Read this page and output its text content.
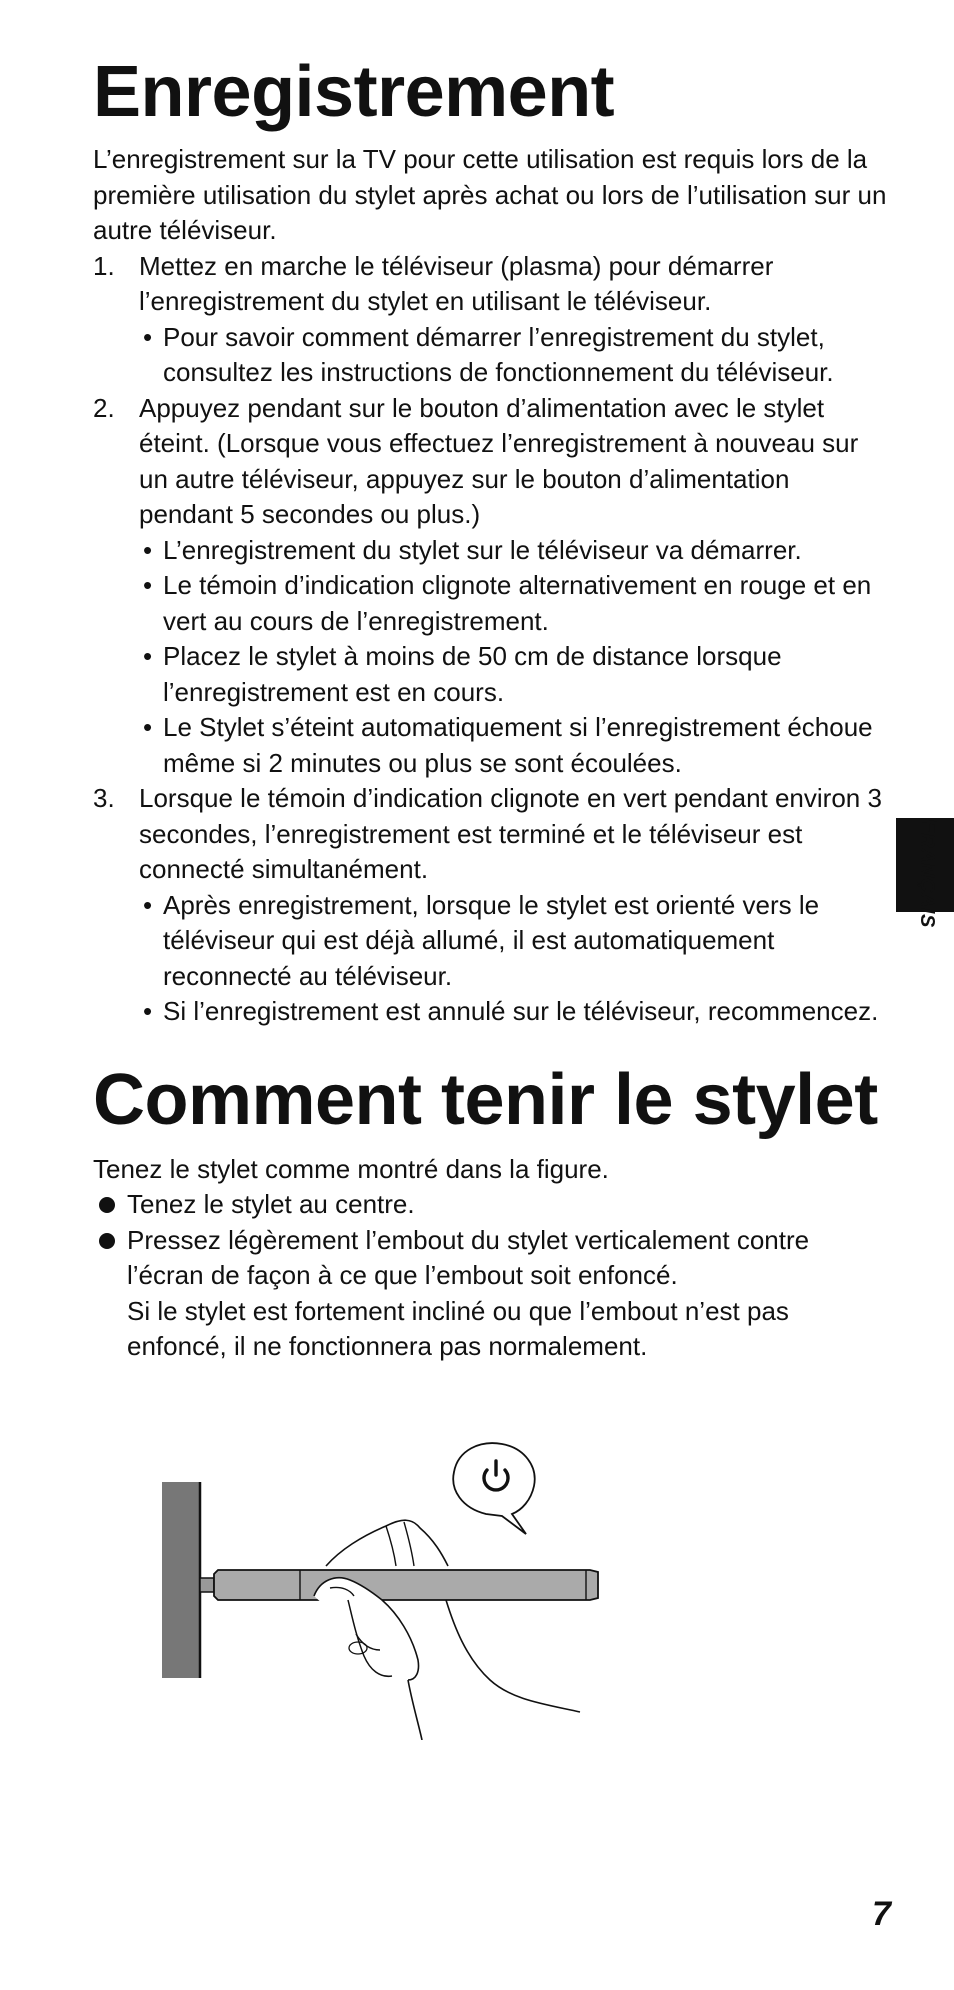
Enregistrement

L’enregistrement sur la TV pour cette utilisation est requis lors de la première utilisation du stylet après achat ou lors de l’utilisation sur un autre téléviseur.

1. Mettez en marche le téléviseur (plasma) pour démarrer l’enregistrement du stylet en utilisant le téléviseur.
• Pour savoir comment démarrer l’enregistrement du stylet, consultez les instructions de fonctionnement du téléviseur.
2. Appuyez pendant sur le bouton d’alimentation avec le stylet éteint. (Lorsque vous effectuez l’enregistrement à nouveau sur un autre téléviseur, appuyez sur le bouton d’alimentation pendant 5 secondes ou plus.)
• L’enregistrement du stylet sur le téléviseur va démarrer.
• Le témoin d’indication clignote alternativement en rouge et en vert au cours de l’enregistrement.
• Placez le stylet à moins de 50 cm de distance lorsque l’enregistrement est en cours.
• Le Stylet s’éteint automatiquement si l’enregistrement échoue même si 2 minutes ou plus se sont écoulées.
3. Lorsque le témoin d’indication clignote en vert pendant environ 3 secondes, l’enregistrement est terminé et le téléviseur est connecté simultanément.
• Après enregistrement, lorsque le stylet est orienté vers le téléviseur qui est déjà allumé, il est automatiquement reconnecté au téléviseur.
• Si l’enregistrement est annulé sur le téléviseur, recommencez.
Comment tenir le stylet

Tenez le stylet comme montré dans la figure.

Tenez le stylet au centre.
Pressez légèrement l’embout du stylet verticalement contre l’écran de façon à ce que l’embout soit enfoncé.
Si le stylet est fortement incliné ou que l’embout n’est pas enfoncé, il ne fonctionnera pas normalement.
FRANÇAIS
7
